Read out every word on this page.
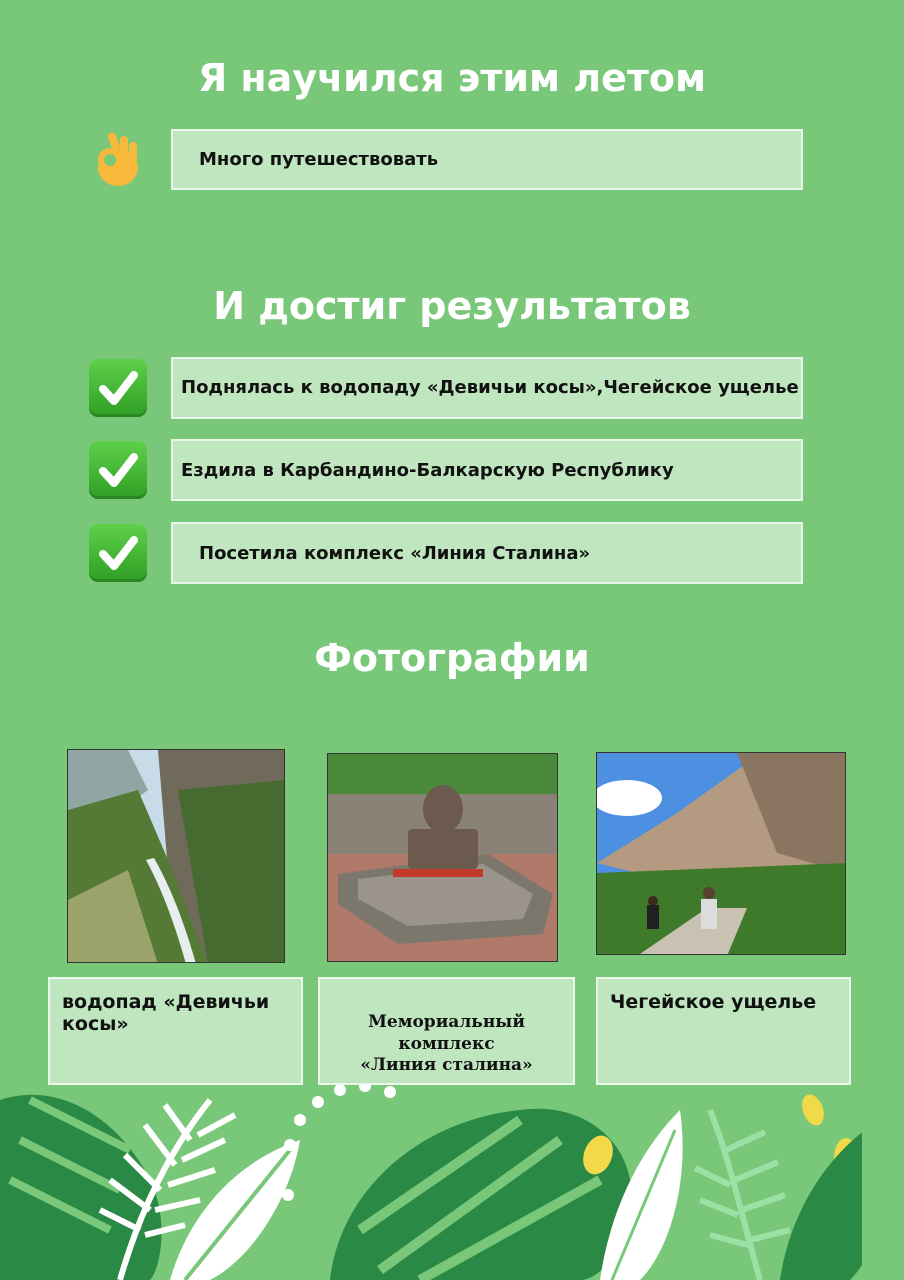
Я научился этим летом
Много путешествовать
И достиг результатов
Поднялась к водопаду «Девичьи косы»,Чегейское ущелье
Ездила в Карбандино-Балкарскую Республику
Посетила комплекс «Линия Сталина»
Фотографии
водопад «Девичьи косы»	Мемориальный
комплекс
«Линия сталина»

Чегейское ущелье
